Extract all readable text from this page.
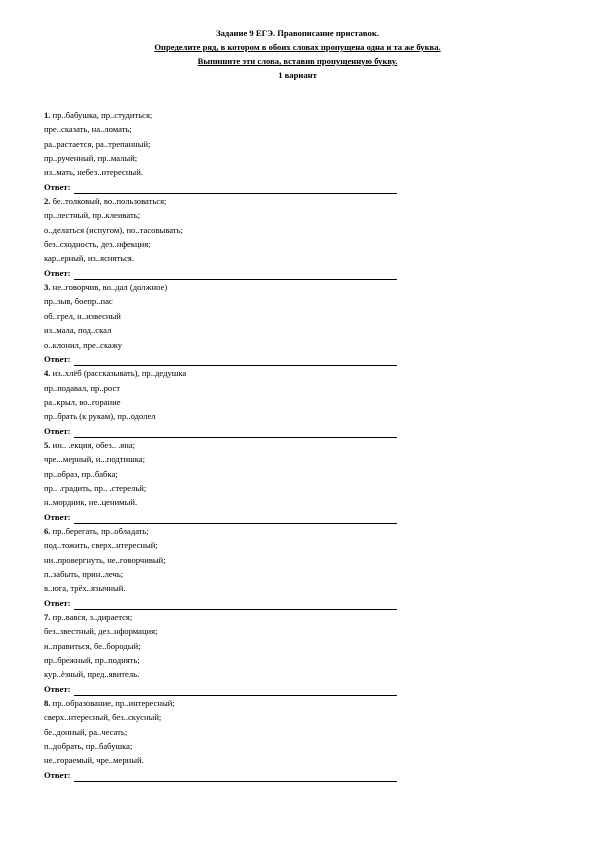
Задание 9 ЕГЭ. Правописание приставок.
Определите ряд, в котором в обоих словах пропущена одна и та же буква.
Выпишите эти слова, вставив пропущенную букву.
1 вариант
1. пр..бабушка, пр..студиться;
пре..сказать, на..ломать;
ра..растается, ра..трепанный;
пр..рученный, пр..малый;
из..мать, небез..нтересный.
Ответ:
2. бе..толковый, во..пользоваться;
пр..лестный, пр..клеивать;
о..делаться (испугом), по..тасовывать;
без..сходность, дез..нфекция;
кар..ерный, из..ясняться.
Ответ:
3. не..говорчив, во..дал (должное)
пр..зыв, боепр..пас
об..грел, н..извесный
из..мала, под..скал
о..клонил, пре..скажу
Ответ:
4. из..хлёб (рассказывать), пр..дедушка
пр..подавал, пр..рост
ра..крыл, во..горание
пр..брать (к рукам), пр..одолел
Ответ:
5. ин.. .екция, обез.. .яна;
чре...мерный, и...подтишка;
пр..образ, пр..бабка;
пр.. .градить, пр.. .стерельй;
н..мордник, не..ценимый.
Ответ:
6. пр..берегать, пр..обладать;
под..тожить, сверх..нтересный;
ни..провергнуть, не..говорчивый;
п..забыть, прин..лечь;
в..юга, трёх..язычный.
Ответ:
7. пр..вався, з..дирается;
без..звестный, дез..нформация;
и..правиться, бе..бородый;
пр..брежный, пр..поднять;
кур..ёзный, пред..явитель.
Ответ:
8. пр..образование, пр..интересный;
сверх..нтересный, без..скусный;
бе..донный, ра..чесать;
п..добрать, пр..бабушка;
не..гораемый, чре..мерный.
Ответ:
